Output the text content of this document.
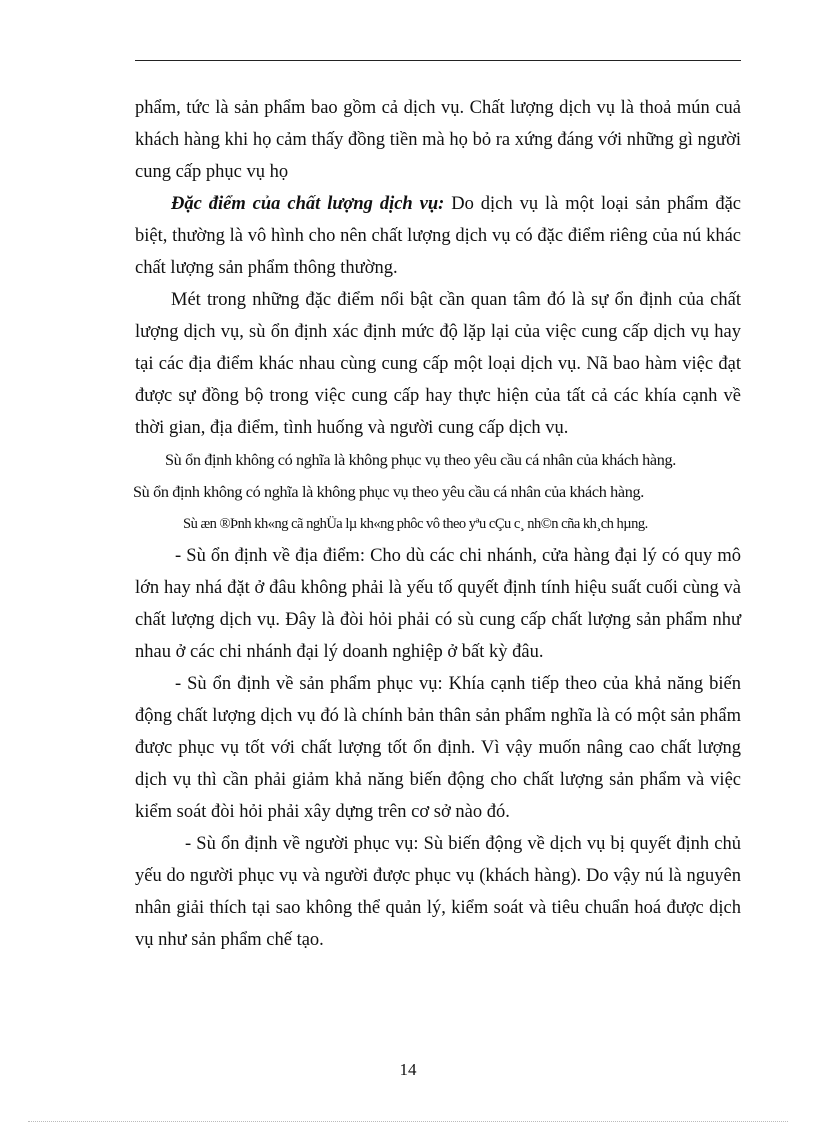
phẩm, tức là sản phẩm bao gồm cả dịch vụ. Chất lượng dịch vụ là thoả mún cuả khách hàng khi họ cảm thấy đồng tiền mà họ bỏ ra xứng đáng với những gì người cung cấp phục vụ họ

Đặc điểm của chất lượng dịch vụ: Do dịch vụ là một loại sản phẩm đặc biệt, thường là vô hình cho nên chất lượng dịch vụ có đặc điểm riêng của nú khác chất lượng sản phẩm thông thường.

Mét trong những đặc điểm nổi bật cần quan tâm đó là sự ổn định của chất lượng dịch vụ, sù ổn định xác định mức độ lặp lại của việc cung cấp dịch vụ hay tại các địa điểm khác nhau cùng cung cấp một loại dịch vụ. Nã bao hàm việc đạt được sự đồng bộ trong việc cung cấp hay thực hiện của tất cả các khía cạnh về thời gian, địa điểm, tình huống và người cung cấp dịch vụ.

Sù ổn định không có nghĩa là không phục vụ theo yêu cầu cá nhân của khách hàng.

Sù ổn định không có nghĩa là không phục vụ theo yêu cầu cá nhân của khách hàng.

Sù æn ®Þnh kh«ng cã nghÜa lµ kh«ng phôc vô theo yªu cÇu c¸ nh©n cña kh¸ch hµng.

- Sù ổn định về địa điểm: Cho dù các chi nhánh, cửa hàng đại lý có quy mô lớn hay nhá đặt ở đâu không phải là yếu tố quyết định tính hiệu suất cuối cùng và chất lượng dịch vụ. Đây là đòi hỏi phải có sù cung cấp chất lượng sản phẩm như nhau ở các chi nhánh đại lý doanh nghiệp ở bất kỳ đâu.

- Sù ổn định về sản phẩm phục vụ: Khía cạnh tiếp theo của khả năng biến động chất lượng dịch vụ đó là chính bản thân sản phẩm nghĩa là có một sản phẩm được phục vụ tốt với chất lượng tốt ổn định. Vì vậy muốn nâng cao chất lượng dịch vụ thì cần phải giảm khả năng biến động cho chất lượng sản phẩm và việc kiểm soát đòi hỏi phải xây dựng trên cơ sở nào đó.

- Sù ổn định về người phục vụ: Sù biến động về dịch vụ bị quyết định chủ yếu do người phục vụ và người được phục vụ (khách hàng). Do vậy nú là nguyên nhân giải thích tại sao không thể quản lý, kiểm soát và tiêu chuẩn hoá được dịch vụ như sản phẩm chế tạo.

14
